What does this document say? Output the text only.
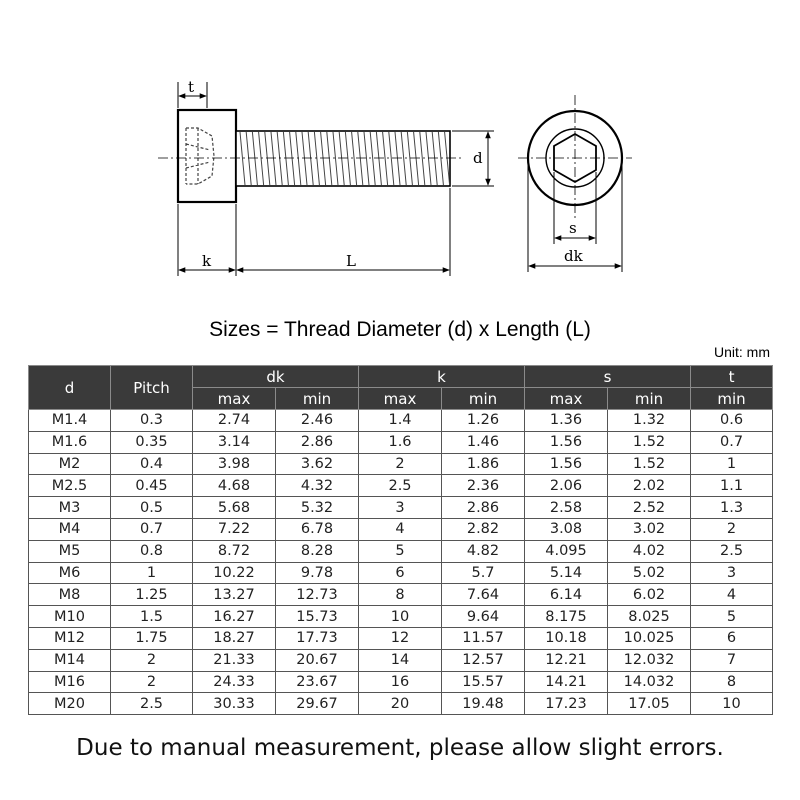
t
d
k	L
s
dk
Sizes = Thread Diameter (d) x Length (L)
Unit: mm
d	Pitch	dk		k		s		t
		max	min	max	min	max	min	min
M1.4	0.3	2.74	2.46	1.4	1.26	1.36	1.32	0.6
M1.6	0.35	3.14	2.86	1.6	1.46	1.56	1.52	0.7
M2	0.4	3.98	3.62	2	1.86	1.56	1.52	1
M2.5	0.45	4.68	4.32	2.5	2.36	2.06	2.02	1.1
M3	0.5	5.68	5.32	3	2.86	2.58	2.52	1.3
M4	0.7	7.22	6.78	4	2.82	3.08	3.02	2
M5	0.8	8.72	8.28	5	4.82	4.095	4.02	2.5
M6	1	10.22	9.78	6	5.7	5.14	5.02	3
M8	1.25	13.27	12.73	8	7.64	6.14	6.02	4
M10	1.5	16.27	15.73	10	9.64	8.175	8.025	5
M12	1.75	18.27	17.73	12	11.57	10.18	10.025	6
M14	2	21.33	20.67	14	12.57	12.21	12.032	7
M16	2	24.33	23.67	16	15.57	14.21	14.032	8
M20	2.5	30.33	29.67	20	19.48	17.23	17.05	10
Due to manual measurement, please allow slight errors.
